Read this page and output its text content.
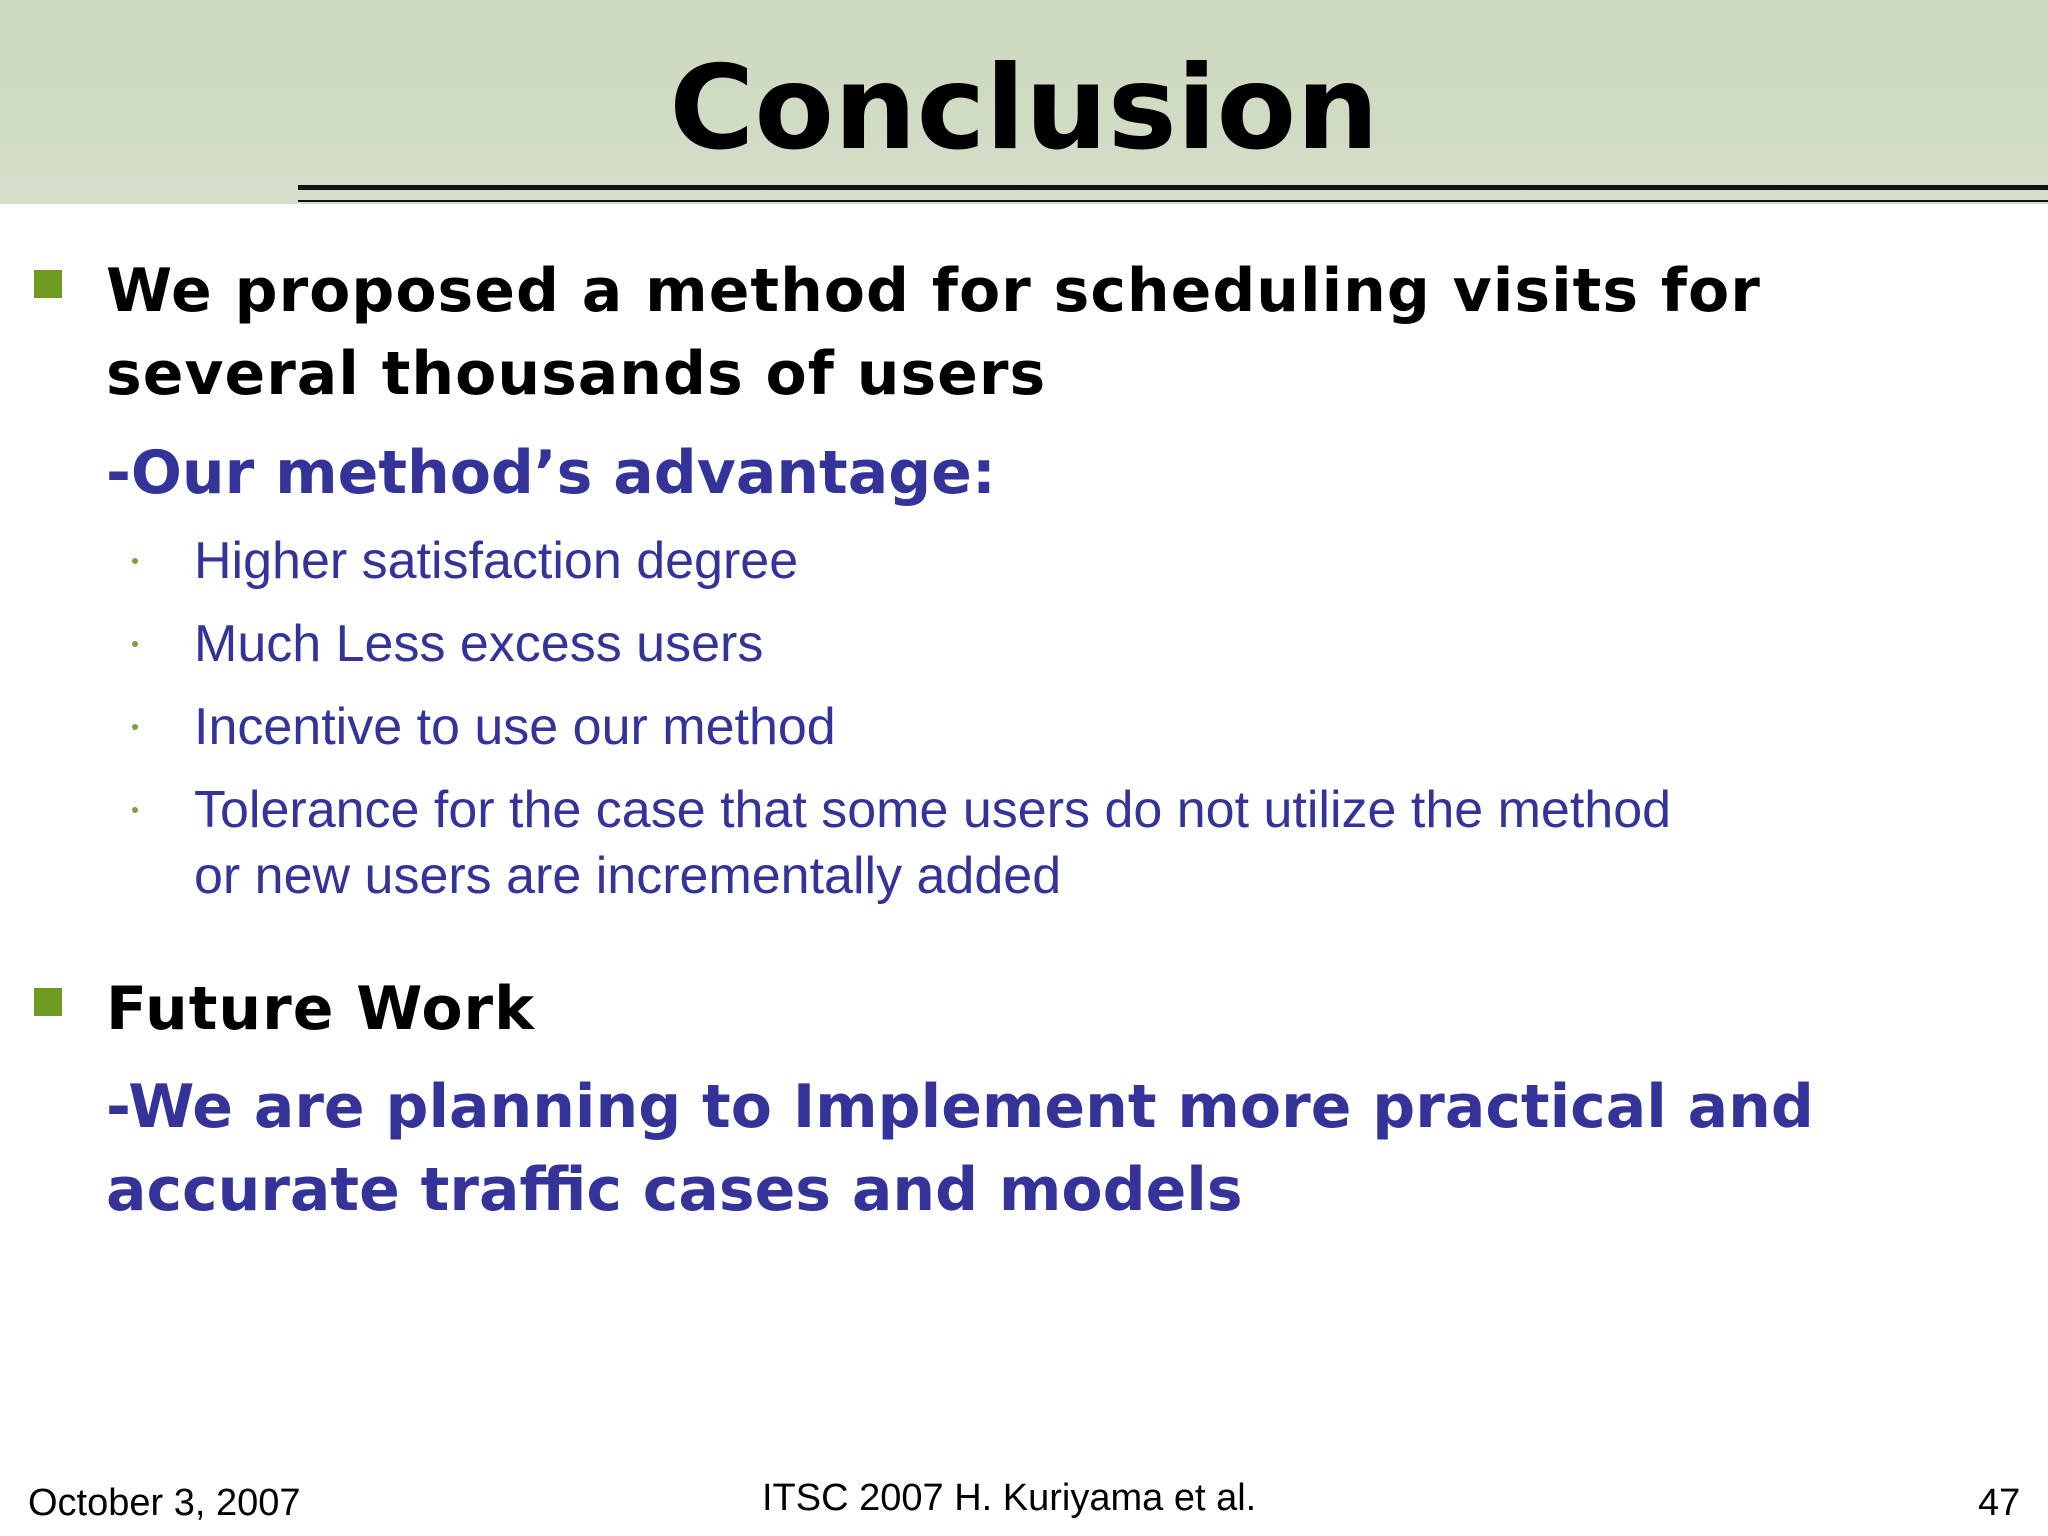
Conclusion
We proposed a method for scheduling visits for
several thousands of users
-Our method’s advantage:
Higher satisfaction degree
Much Less excess users
Incentive to use our method
Tolerance for the case that some users do not utilize the method
or new users are incrementally added
Future Work
-We are planning to Implement more practical and
accurate traffic cases and models
October 3, 2007	ITSC 2007 H. Kuriyama et al.	47
